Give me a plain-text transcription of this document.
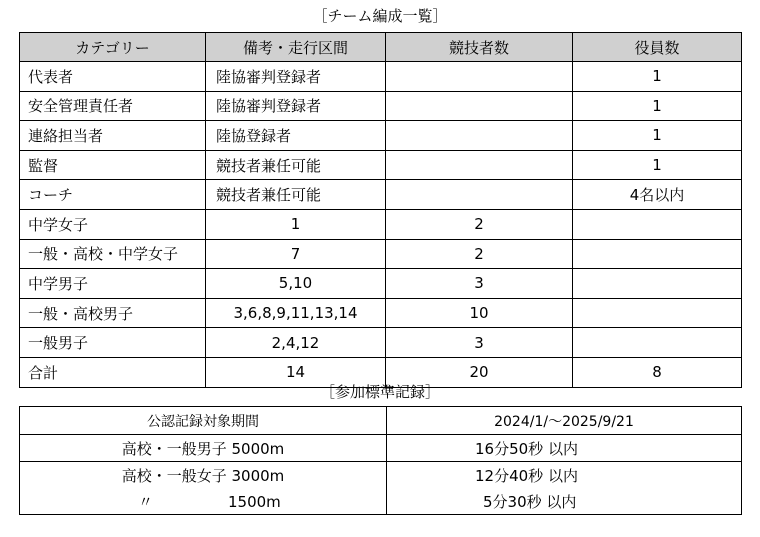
［チーム編成一覧］
カテゴリー	備考・走行区間	競技者数	役員数
代表者	陸協審判登録者		1
安全管理責任者	陸協審判登録者		1
連絡担当者	陸協登録者		1
監督	競技者兼任可能		1
コーチ	競技者兼任可能		4名以内
中学女子	1	2	
一般・高校・中学女子	7	2	
中学男子	5,10	3	
一般・高校男子	3,6,8,9,11,13,14	10	
一般男子	2,4,12	3	
合計	14	20	8
［参加標準記録］
公認記録対象期間	2024/1/～2025/9/21
高校・一般男子 5000m	16分50秒 以内
高校・一般女子 3000m	12分40秒 以内
〃 1500m	5分30秒 以内
